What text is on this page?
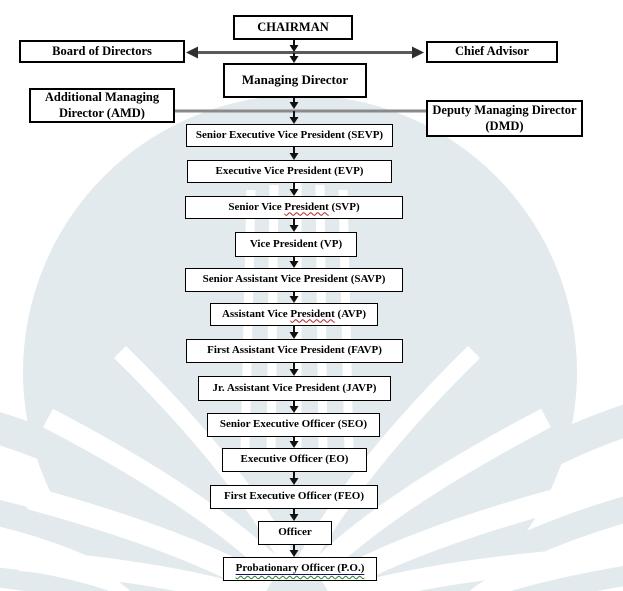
CHAIRMAN
Board of Directors	Chief Advisor
Managing Director
Additional Managing
Director (AMD)	Deputy Managing Director
(DMD)
Senior Executive Vice President (SEVP)
Executive Vice President (EVP)
Senior Vice President (SVP)
Vice President (VP)
Senior Assistant Vice President (SAVP)
Assistant Vice President (AVP)
First Assistant Vice President (FAVP)
Jr. Assistant Vice President (JAVP)
Senior Executive Officer (SEO)
Executive Officer (EO)
First Executive Officer (FEO)
Officer
Probationary Officer (P.O.)
